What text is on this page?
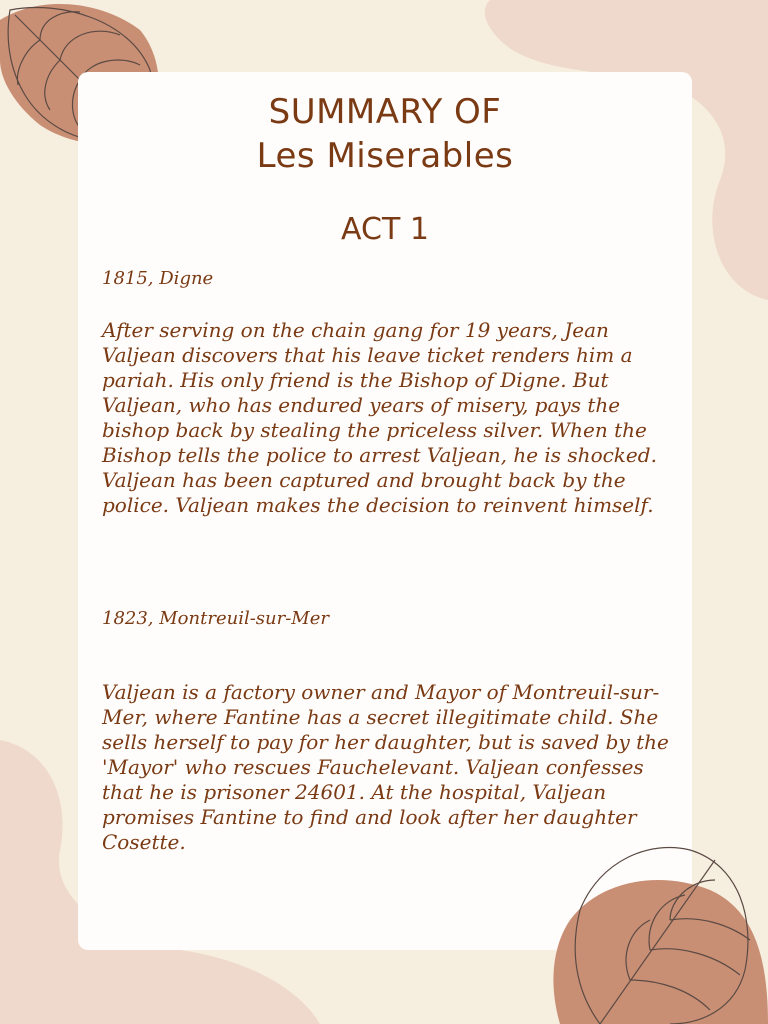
SUMMARY OF
Les Miserables
ACT 1

1815, Digne

After serving on the chain gang for 19 years, Jean Valjean discovers that his leave ticket renders him a pariah. His only friend is the Bishop of Digne. But Valjean, who has endured years of misery, pays the bishop back by stealing the priceless silver. When the Bishop tells the police to arrest Valjean, he is shocked. Valjean has been captured and brought back by the police. Valjean makes the decision to reinvent himself.

1823, Montreuil-sur-Mer

Valjean is a factory owner and Mayor of Montreuil-sur-Mer, where Fantine has a secret illegitimate child. She sells herself to pay for her daughter, but is saved by the 'Mayor' who rescues Fauchelevant. Valjean confesses that he is prisoner 24601. At the hospital, Valjean promises Fantine to find and look after her daughter Cosette.
